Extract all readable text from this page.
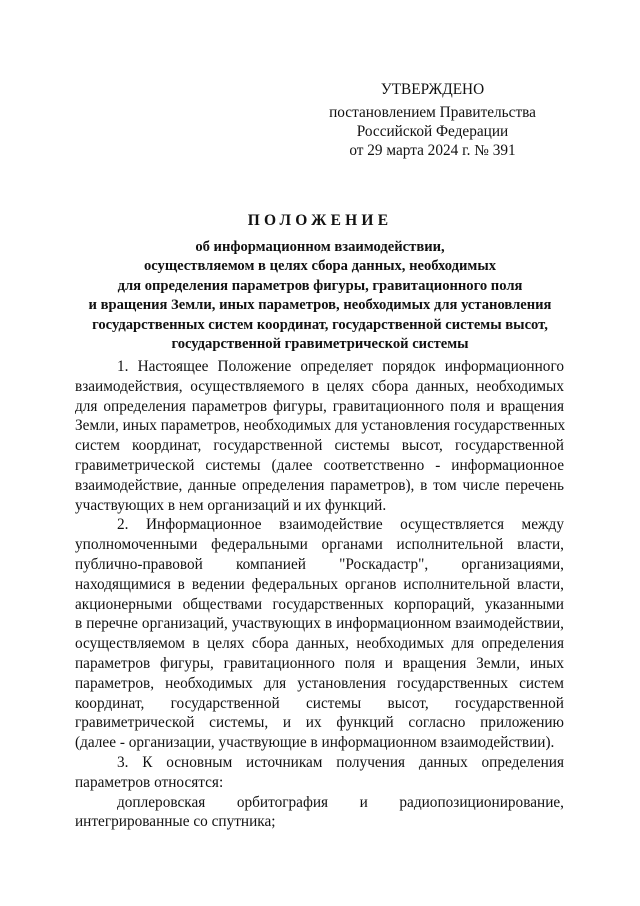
УТВЕРЖДЕНО
постановлением Правительства
Российской Федерации
от 29 марта 2024 г. № 391
ПОЛОЖЕНИЕ
об информационном взаимодействии,
осуществляемом в целях сбора данных, необходимых
для определения параметров фигуры, гравитационного поля
и вращения Земли, иных параметров, необходимых для установления
государственных систем координат, государственной системы высот,
государственной гравиметрической системы
1. Настоящее Положение определяет порядок информационного
взаимодействия, осуществляемого в целях сбора данных, необходимых
для определения параметров фигуры, гравитационного поля и вращения
Земли, иных параметров, необходимых для установления государственных
систем координат, государственной системы высот, государственной
гравиметрической системы (далее соответственно - информационное
взаимодействие, данные определения параметров), в том числе перечень
участвующих в нем организаций и их функций.
2. Информационное взаимодействие осуществляется между
уполномоченными федеральными органами исполнительной власти,
публично-правовой компанией "Роскадастр", организациями,
находящимися в ведении федеральных органов исполнительной власти,
акционерными обществами государственных корпораций, указанными
в перечне организаций, участвующих в информационном взаимодействии,
осуществляемом в целях сбора данных, необходимых для определения
параметров фигуры, гравитационного поля и вращения Земли, иных
параметров, необходимых для установления государственных систем
координат, государственной системы высот, государственной
гравиметрической системы, и их функций согласно приложению
(далее - организации, участвующие в информационном взаимодействии).
3. К основным источникам получения данных определения
параметров относятся:
доплеровская орбитография и радиопозиционирование,
интегрированные со спутника;
